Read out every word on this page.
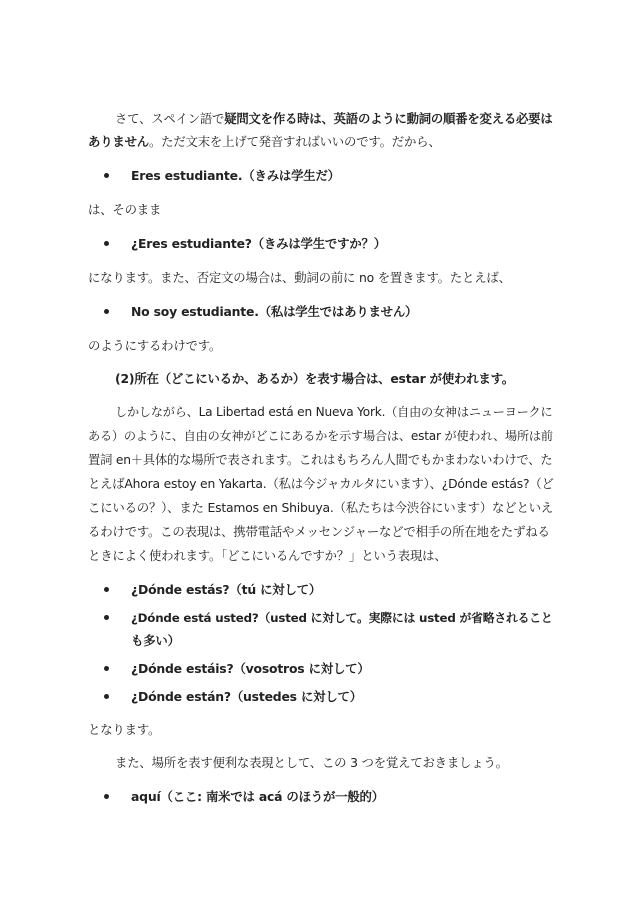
さて、スペイン語で疑問文を作る時は、英語のように動詞の順番を変える必要は
ありません。ただ文末を上げて発音すればいいのです。だから、
Eres estudiante.（きみは学生だ）
は、そのまま
¿Eres estudiante?（きみは学生ですか？）
になります。また、否定文の場合は、動詞の前に no を置きます。たとえば、
No soy estudiante.（私は学生ではありません）
のようにするわけです。
(2)所在（どこにいるか、あるか）を表す場合は、estar が使われます。
しかしながら、La Libertad está en Nueva York.（自由の女神はニューヨークに
ある）のように、自由の女神がどこにあるかを示す場合は、estar が使われ、場所は前
置詞 en＋具体的な場所で表されます。これはもちろん人間でもかまわないわけで、た
とえばAhora estoy en Yakarta.（私は今ジャカルタにいます）、¿Dónde estás?（ど
こにいるの？）、また Estamos en Shibuya.（私たちは今渋谷にいます）などといえ
るわけです。この表現は、携帯電話やメッセンジャーなどで相手の所在地をたずねる
ときによく使われます。「どこにいるんですか？」という表現は、
¿Dónde estás?（tú に対して）
¿Dónde está usted?（usted に対して。実際には usted が省略されること
も多い）
¿Dónde estáis?（vosotros に対して）
¿Dónde están?（ustedes に対して）
となります。
また、場所を表す便利な表現として、この 3 つを覚えておきましょう。
aquí（ここ: 南米では acá のほうが一般的）
